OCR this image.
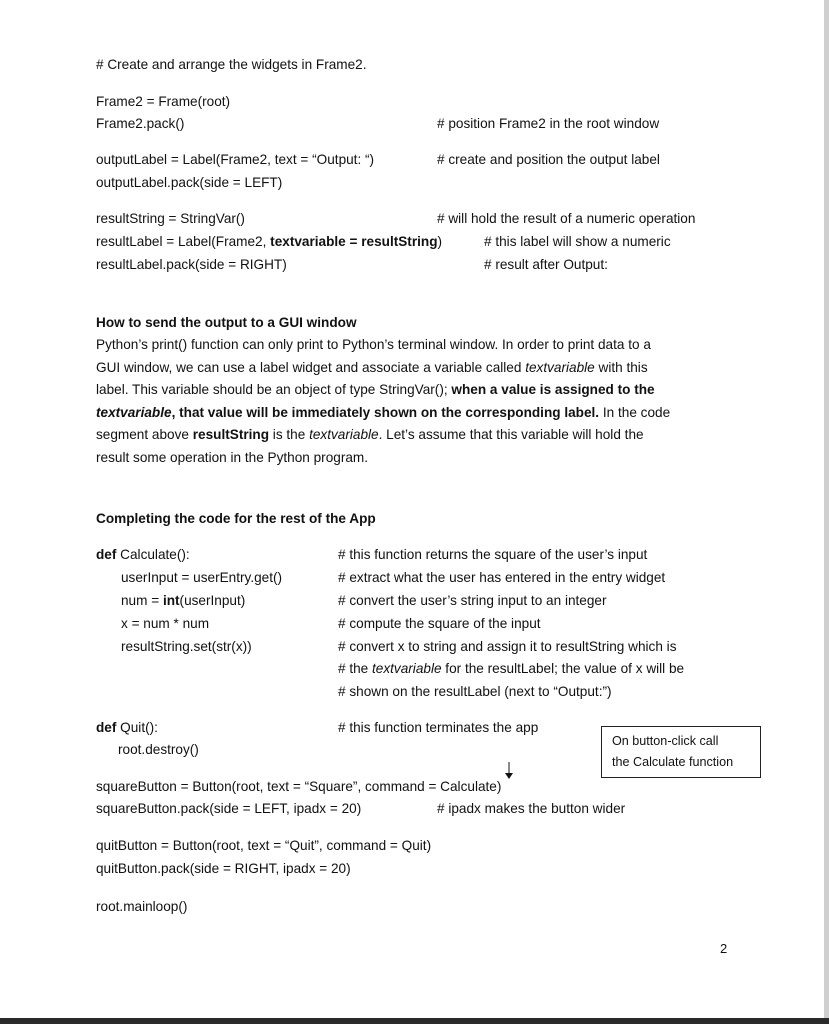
# Create and arrange the widgets in Frame2.
Frame2 = Frame(root)
Frame2.pack()	# position Frame2 in the root window
outputLabel = Label(Frame2, text = “Output: “)	# create and position the output label
outputLabel.pack(side = LEFT)
resultString = StringVar()	# will hold the result of a numeric operation
resultLabel = Label(Frame2, textvariable = resultString)	# this label will show a numeric
resultLabel.pack(side = RIGHT)	# result after Output:
How to send the output to a GUI window
Python’s print() function can only print to Python’s terminal window. In order to print data to a
GUI window, we can use a label widget and associate a variable called textvariable with this
label. This variable should be an object of type StringVar(); when a value is assigned to the
textvariable, that value will be immediately shown on the corresponding label. In the code
segment above resultString is the textvariable. Let’s assume that this variable will hold the
result some operation in the Python program.
Completing the code for the rest of the App
def Calculate():	# this function returns the square of the user’s input
userInput = userEntry.get()	# extract what the user has entered in the entry widget
num = int(userInput)	# convert the user’s string input to an integer
x = num * num	# compute the square of the input
resultString.set(str(x))	# convert x to string and assign it to resultString which is
# the textvariable for the resultLabel; the value of x will be
# shown on the resultLabel (next to “Output:”)
def Quit():	# this function terminates the app
root.destroy()
On button-click call
the Calculate function
squareButton = Button(root, text = “Square”, command = Calculate)
squareButton.pack(side = LEFT, ipadx = 20)	# ipadx makes the button wider
quitButton = Button(root, text = “Quit”, command = Quit)
quitButton.pack(side = RIGHT, ipadx = 20)
root.mainloop()
2
